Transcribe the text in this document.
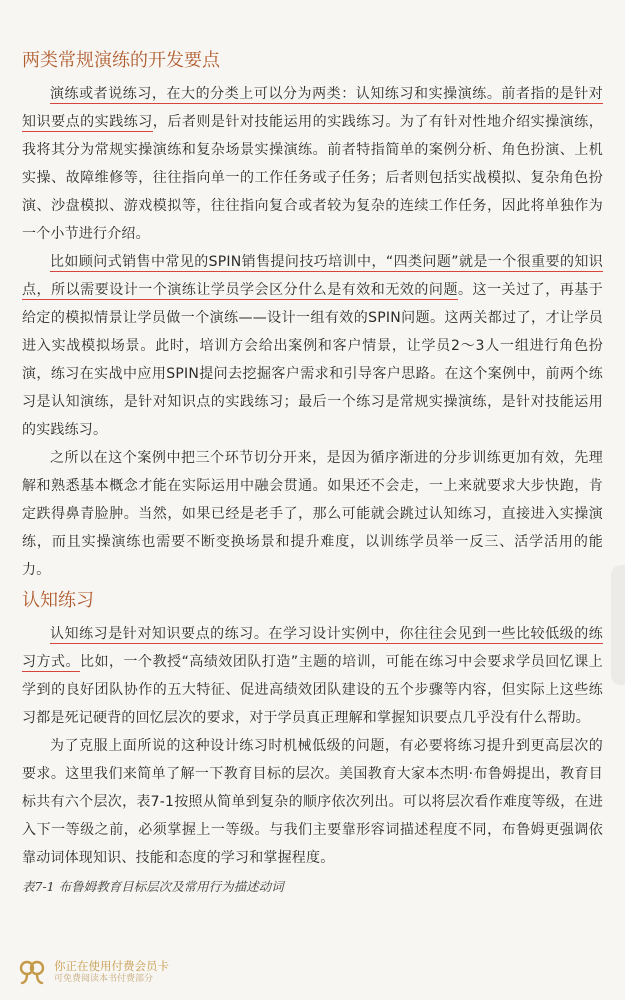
两类常规演练的开发要点

演练或者说练习，在大的分类上可以分为两类：认知练习和实操演练。前者指的是针对知识要点的实践练习，后者则是针对技能运用的实践练习。为了有针对性地介绍实操演练，我将其分为常规实操演练和复杂场景实操演练。前者特指简单的案例分析、角色扮演、上机实操、故障维修等，往往指向单一的工作任务或子任务；后者则包括实战模拟、复杂角色扮演、沙盘模拟、游戏模拟等，往往指向复合或者较为复杂的连续工作任务，因此将单独作为一个小节进行介绍。

比如顾问式销售中常见的SPIN销售提问技巧培训中，“四类问题”就是一个很重要的知识点，所以需要设计一个演练让学员学会区分什么是有效和无效的问题。这一关过了，再基于给定的模拟情景让学员做一个演练——设计一组有效的SPIN问题。这两关都过了，才让学员进入实战模拟场景。此时，培训方会给出案例和客户情景，让学员2～3人一组进行角色扮演，练习在实战中应用SPIN提问去挖掘客户需求和引导客户思路。在这个案例中，前两个练习是认知演练，是针对知识点的实践练习；最后一个练习是常规实操演练，是针对技能运用的实践练习。

之所以在这个案例中把三个环节切分开来，是因为循序渐进的分步训练更加有效，先理解和熟悉基本概念才能在实际运用中融会贯通。如果还不会走，一上来就要求大步快跑，肯定跌得鼻青脸肿。当然，如果已经是老手了，那么可能就会跳过认知练习，直接进入实操演练，而且实操演练也需要不断变换场景和提升难度，以训练学员举一反三、活学活用的能力。

认知练习

认知练习是针对知识要点的练习。在学习设计实例中，你往往会见到一些比较低级的练习方式。比如，一个教授“高绩效团队打造”主题的培训，可能在练习中会要求学员回忆课上学到的良好团队协作的五大特征、促进高绩效团队建设的五个步骤等内容，但实际上这些练习都是死记硬背的回忆层次的要求，对于学员真正理解和掌握知识要点几乎没有什么帮助。

为了克服上面所说的这种设计练习时机械低级的问题，有必要将练习提升到更高层次的要求。这里我们来简单了解一下教育目标的层次。美国教育大家本杰明·布鲁姆提出，教育目标共有六个层次，表7-1按照从简单到复杂的顺序依次列出。可以将层次看作难度等级，在进入下一等级之前，必须掌握上一等级。与我们主要靠形容词描述程度不同，布鲁姆更强调依靠动词体现知识、技能和态度的学习和掌握程度。

表7-1 布鲁姆教育目标层次及常用行为描述动词
你正在使用付费会员卡
可免费阅读本书付费部分
